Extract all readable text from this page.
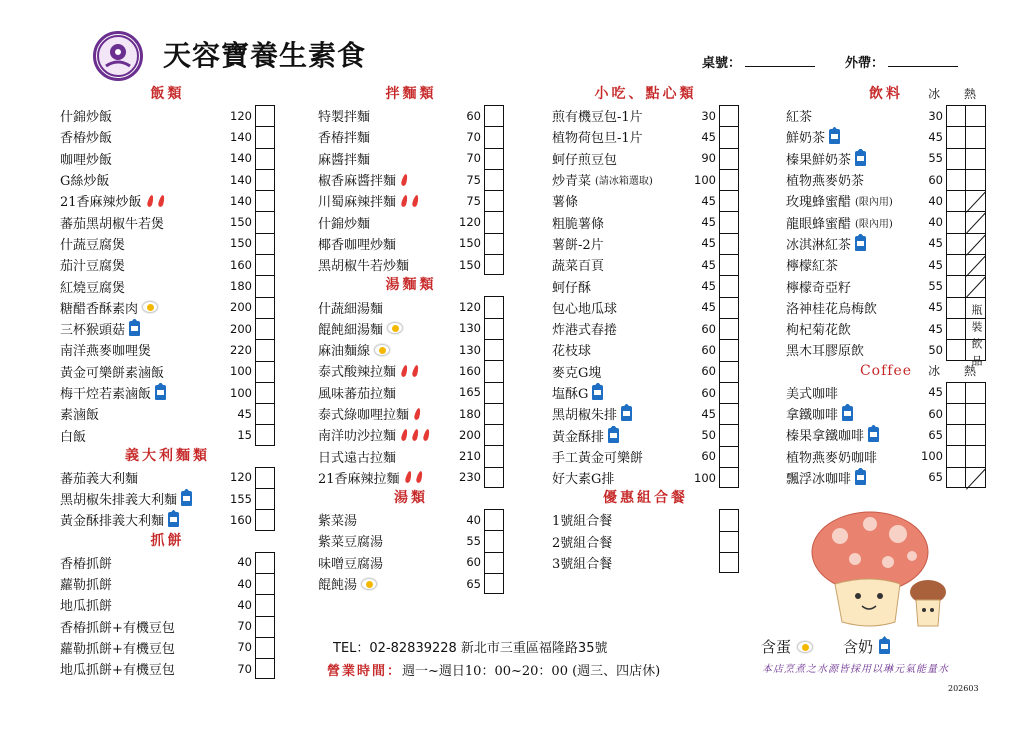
天容寶養生素食	桌號：	外帶：
飯類
什錦炒飯	120
香椿炒飯	140
咖哩炒飯	140
G絲炒飯	140
21香麻辣炒飯	140
蕃茄黑胡椒牛若煲	150
什蔬豆腐煲	150
茄汁豆腐煲	160
紅燒豆腐煲	180
糖醋香酥素肉	200
三杯猴頭菇	200
南洋燕麥咖哩煲	220
黃金可樂餅素滷飯	100
梅干焢若素滷飯	100
素滷飯	45
白飯	15
義大利麵類
蕃茄義大利麵	120
黑胡椒朱排義大利麵	155
黃金酥排義大利麵	160
抓餅
香椿抓餅	40
蘿勒抓餅	40
地瓜抓餅	40
香椿抓餅+有機豆包	70
蘿勒抓餅+有機豆包	70
地瓜抓餅+有機豆包	70
拌麵類
特製拌麵	60
香椿拌麵	70
麻醬拌麵	70
椒香麻醬拌麵	75
川蜀麻辣拌麵	75
什錦炒麵	120
椰香咖哩炒麵	150
黑胡椒牛若炒麵	150
湯麵類
什蔬細湯麵	120
餛飩細湯麵	130
麻油麵線	130
泰式酸辣拉麵	160
風味蕃茄拉麵	165
泰式綠咖哩拉麵	180
南洋叻沙拉麵	200
日式遠古拉麵	210
21香麻辣拉麵	230
湯類
紫菜湯	40
紫菜豆腐湯	55
味噌豆腐湯	60
餛飩湯	65
小吃、點心類
煎有機豆包-1片	30
植物荷包旦-1片	45
蚵仔煎豆包	90
炒青菜 (請冰箱選取)	100
薯條	45
粗脆薯條	45
薯餅-2片	45
蔬菜百頁	45
蚵仔酥	45
包心地瓜球	45
炸港式春捲	60
花枝球	60
麥克G塊	60
塩酥G	60
黑胡椒朱排	45
黃金酥排	50
手工黃金可樂餅	60
好大素G排	100
優惠組合餐
1號組合餐
2號組合餐
3號組合餐
飲料 冰 熱
紅茶	30
鮮奶茶	45
榛果鮮奶茶	55
植物燕麥奶茶	60
玫瑰蜂蜜醋 (限內用)	40
龍眼蜂蜜醋 (限內用)	40
冰淇淋紅茶	45
檸檬紅茶	45
檸檬奇亞籽	55
洛神桂花烏梅飲	45
枸杞菊花飲	45
黑木耳膠原飲	50
Coffee 冰 熱
美式咖啡	45
拿鐵咖啡	60
榛果拿鐵咖啡	65
植物燕麥奶咖啡	100
飄浮冰咖啡	65
瓶裝飲品
TEL：02-82839228 新北市三重區福隆路35號
營業時間：週一~週日10：00~20：00 (週三、四店休)
含蛋	含奶
本店烹煮之水源皆採用以琳元氣能量水
202603
